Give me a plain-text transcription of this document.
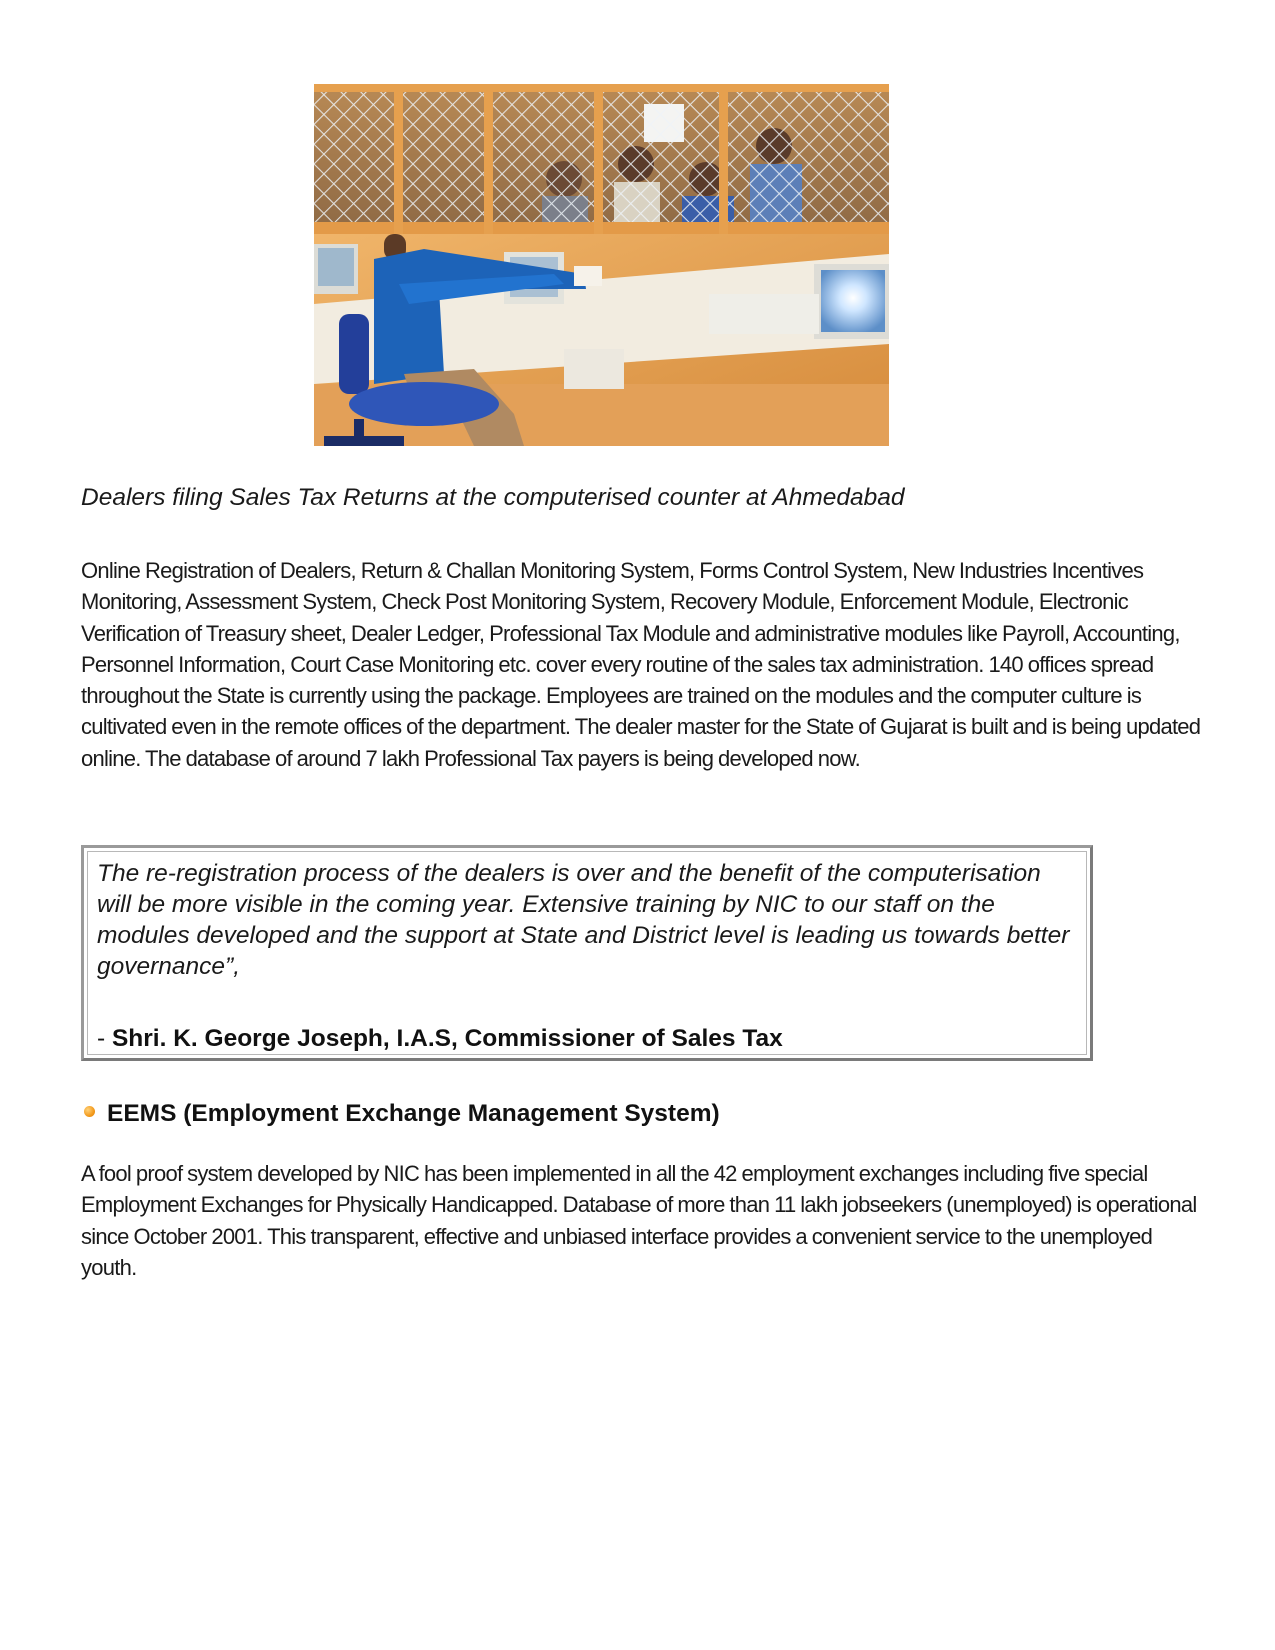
Dealers filing Sales Tax Returns at the computerised counter at Ahmedabad

Online Registration of Dealers, Return & Challan Monitoring System, Forms Control System, New Industries Incentives Monitoring, Assessment System, Check Post Monitoring System, Recovery Module, Enforcement Module, Electronic Verification of Treasury sheet, Dealer Ledger, Professional Tax Module and administrative modules like Payroll, Accounting, Personnel Information, Court Case Monitoring etc. cover every routine of the sales tax administration. 140 offices spread throughout the State is currently using the package. Employees are trained on the modules and the computer culture is cultivated even in the remote offices of the department. The dealer master for the State of Gujarat is built and is being updated online. The database of around 7 lakh Professional Tax payers is being developed now.

The re-registration process of the dealers is over and the benefit of the computerisation will be more visible in the coming year. Extensive training by NIC to our staff on the modules developed and the support at State and District level is leading us towards better governance”,

- Shri. K. George Joseph, I.A.S, Commissioner of Sales Tax
EEMS (Employment Exchange Management System)

A fool proof system developed by NIC has been implemented in all the 42 employment exchanges including five special Employment Exchanges for Physically Handicapped. Database of more than 11 lakh jobseekers (unemployed) is operational since October 2001. This transparent, effective and unbiased interface provides a convenient service to the unemployed youth.
